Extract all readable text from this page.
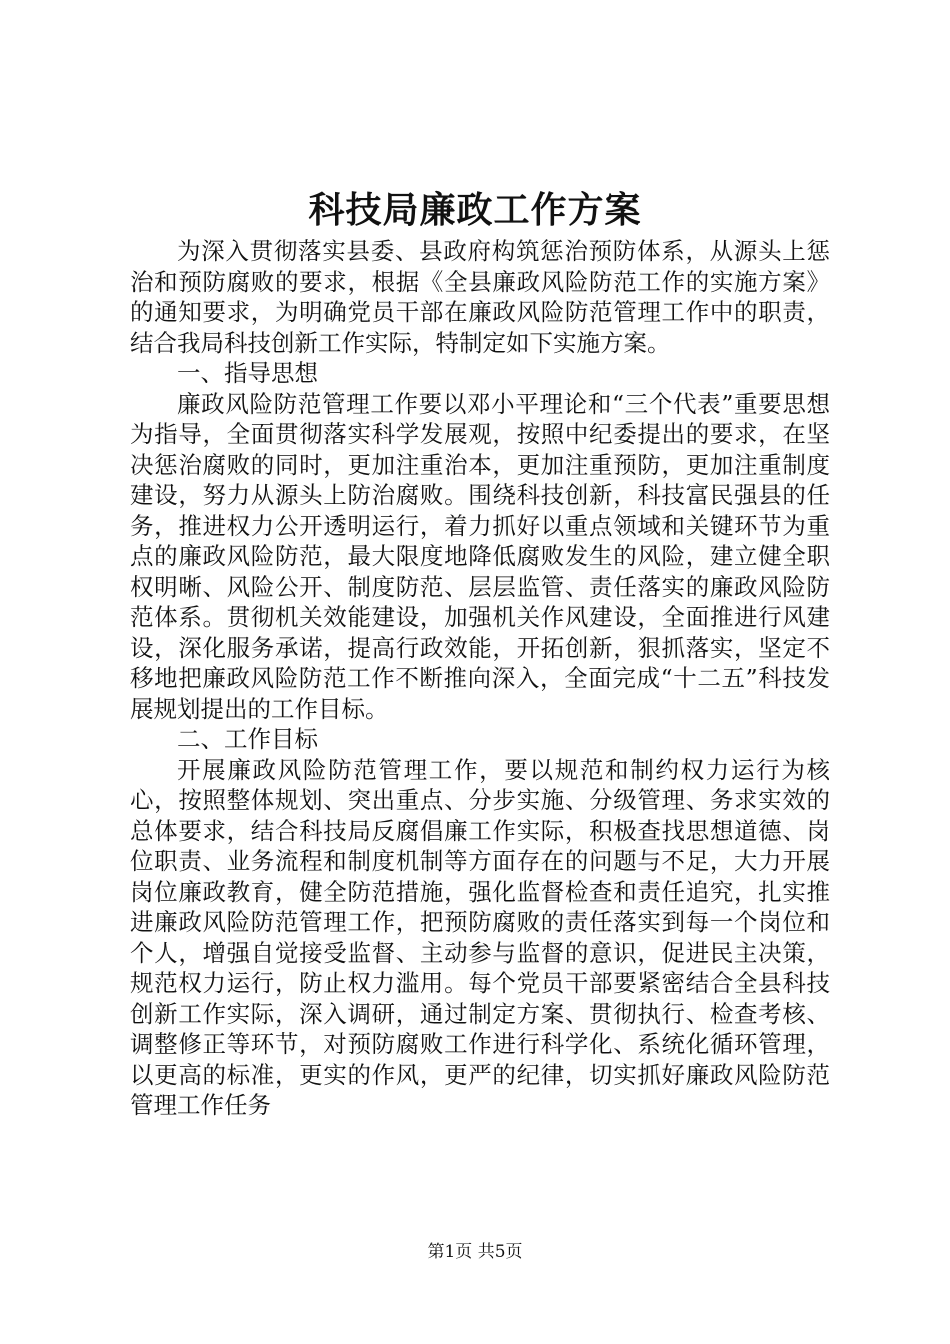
科技局廉政工作方案

为深入贯彻落实县委、县政府构筑惩治预防体系，从源头上惩治和预防腐败的要求，根据《全县廉政风险防范工作的实施方案》的通知要求，为明确党员干部在廉政风险防范管理工作中的职责，结合我局科技创新工作实际，特制定如下实施方案。

一、指导思想

廉政风险防范管理工作要以邓小平理论和“三个代表”重要思想为指导，全面贯彻落实科学发展观，按照中纪委提出的要求，在坚决惩治腐败的同时，更加注重治本，更加注重预防，更加注重制度建设，努力从源头上防治腐败。围绕科技创新，科技富民强县的任务，推进权力公开透明运行，着力抓好以重点领域和关键环节为重点的廉政风险防范，最大限度地降低腐败发生的风险，建立健全职权明晰、风险公开、制度防范、层层监管、责任落实的廉政风险防范体系。贯彻机关效能建设，加强机关作风建设，全面推进行风建设，深化服务承诺，提高行政效能，开拓创新，狠抓落实，坚定不移地把廉政风险防范工作不断推向深入，全面完成“十二五”科技发展规划提出的工作目标。

二、工作目标

开展廉政风险防范管理工作，要以规范和制约权力运行为核心，按照整体规划、突出重点、分步实施、分级管理、务求实效的总体要求，结合科技局反腐倡廉工作实际，积极查找思想道德、岗位职责、业务流程和制度机制等方面存在的问题与不足，大力开展岗位廉政教育，健全防范措施，强化监督检查和责任追究，扎实推进廉政风险防范管理工作，把预防腐败的责任落实到每一个岗位和个人，增强自觉接受监督、主动参与监督的意识，促进民主决策，规范权力运行，防止权力滥用。每个党员干部要紧密结合全县科技创新工作实际，深入调研，通过制定方案、贯彻执行、检查考核、调整修正等环节，对预防腐败工作进行科学化、系统化循环管理，以更高的标准，更实的作风，更严的纪律，切实抓好廉政风险防范管理工作任务

第1页 共5页
